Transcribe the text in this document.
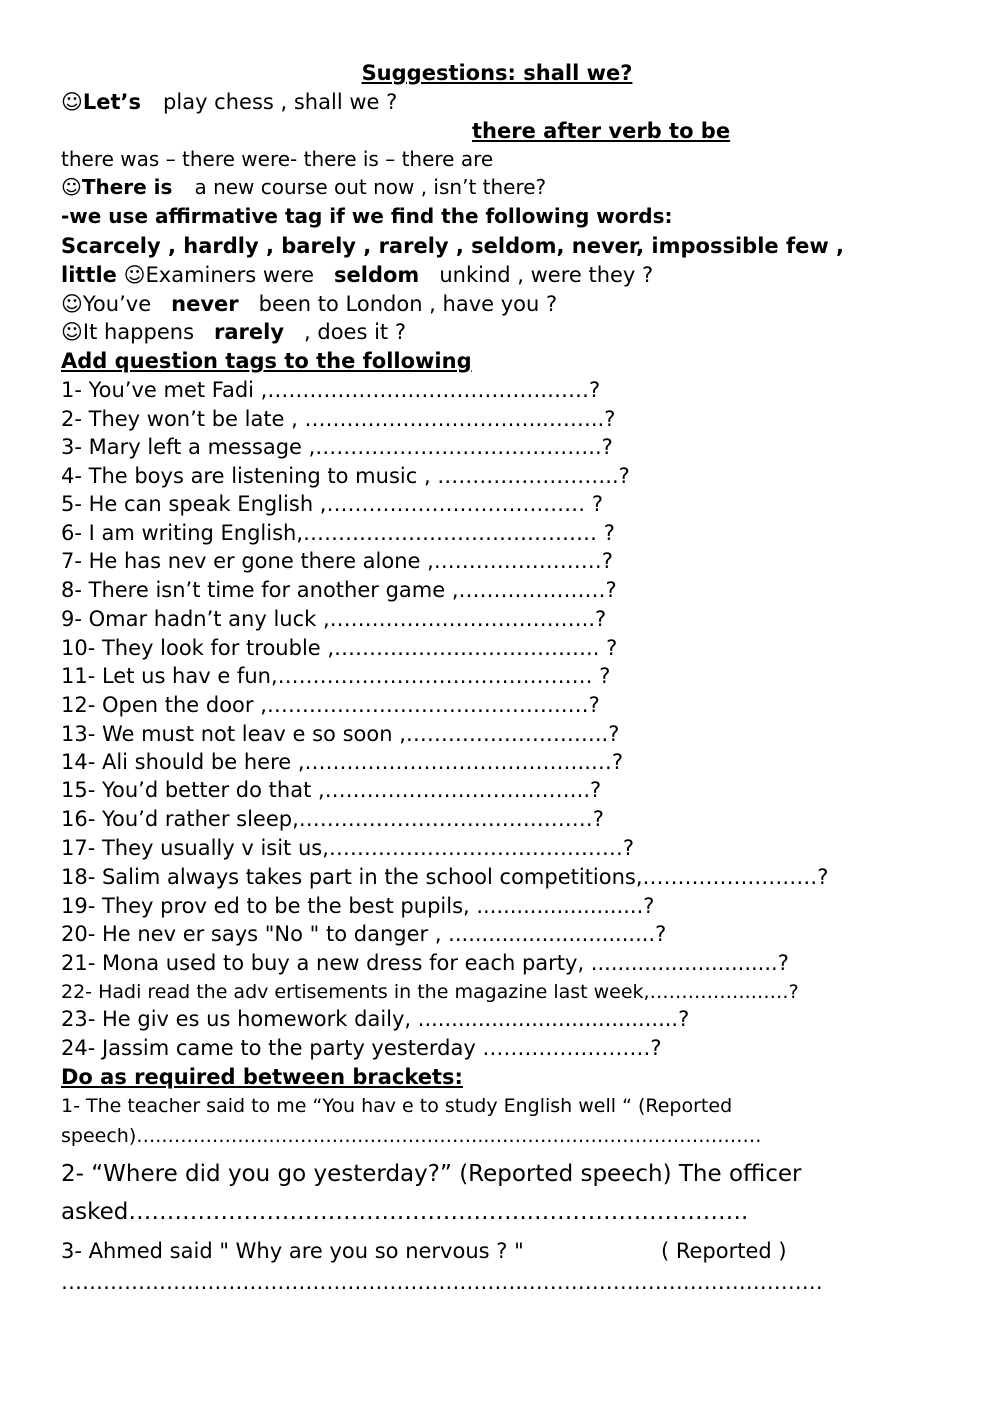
Suggestions: shall we?
☺Let’s play chess , shall we ?
there after verb to be
there was – there were- there is – there are
☺There is a new course out now , isn’t there?
-we use affirmative tag if we find the following words:
Scarcely , hardly , barely , rarely , seldom, never, impossible few ,
little ☺Examiners were seldom unkind , were they ?
☺You’ve never been to London , have you ?
☺It happens rarely , does it ?
Add question tags to the following
1- You’ve met Fadi ,………………………………….……?
2- They won’t be late , ……………………………..……..?
3- Mary left a message ,…………………………………..?
4- The boys are listening to music , ……………………..?
5- He can speak English ,………………………….…… ?
6- I am writing English,…………………………………… ?
7- He has nev er gone there alone ,……………………?
8- There isn’t time for another game ,…………………?
9- Omar hadn’t any luck ,………………………………..?
10- They look for trouble ,……………………………….. ?
11- Let us hav e fun,……………………………………… ?
12- Open the door ,…………………………………….…?
13- We must not leav e so soon ,………………………..?
14- Ali should be here ,…………………………………..…?
15- You’d better do that ,………………………………..?
16- You’d rather sleep,……………………………………?
17- They usually v isit us,……………………………………?
18- Salim always takes part in the school competitions,…………….………?
19- They prov ed to be the best pupils, .........................?
20- He nev er says "No " to danger , ...............................?
21- Mona used to buy a new dress for each party, ............................?
22- Hadi read the adv ertisements in the magazine last week,…………….……?
23- He giv es us homework daily, .......................................?
24- Jassim came to the party yesterday ……………………?
Do as required between brackets:
1- The teacher said to me “You hav e to study English well “ (Reported
speech)….……………..……………………………..……….……………………………
2- “Where did you go yesterday?” (Reported speech) The officer
asked……………………………………………..……………………….
3- Ahmed said " Why are you so nervous ? "	( Reported )
………………..………………………………………..……………………………………
